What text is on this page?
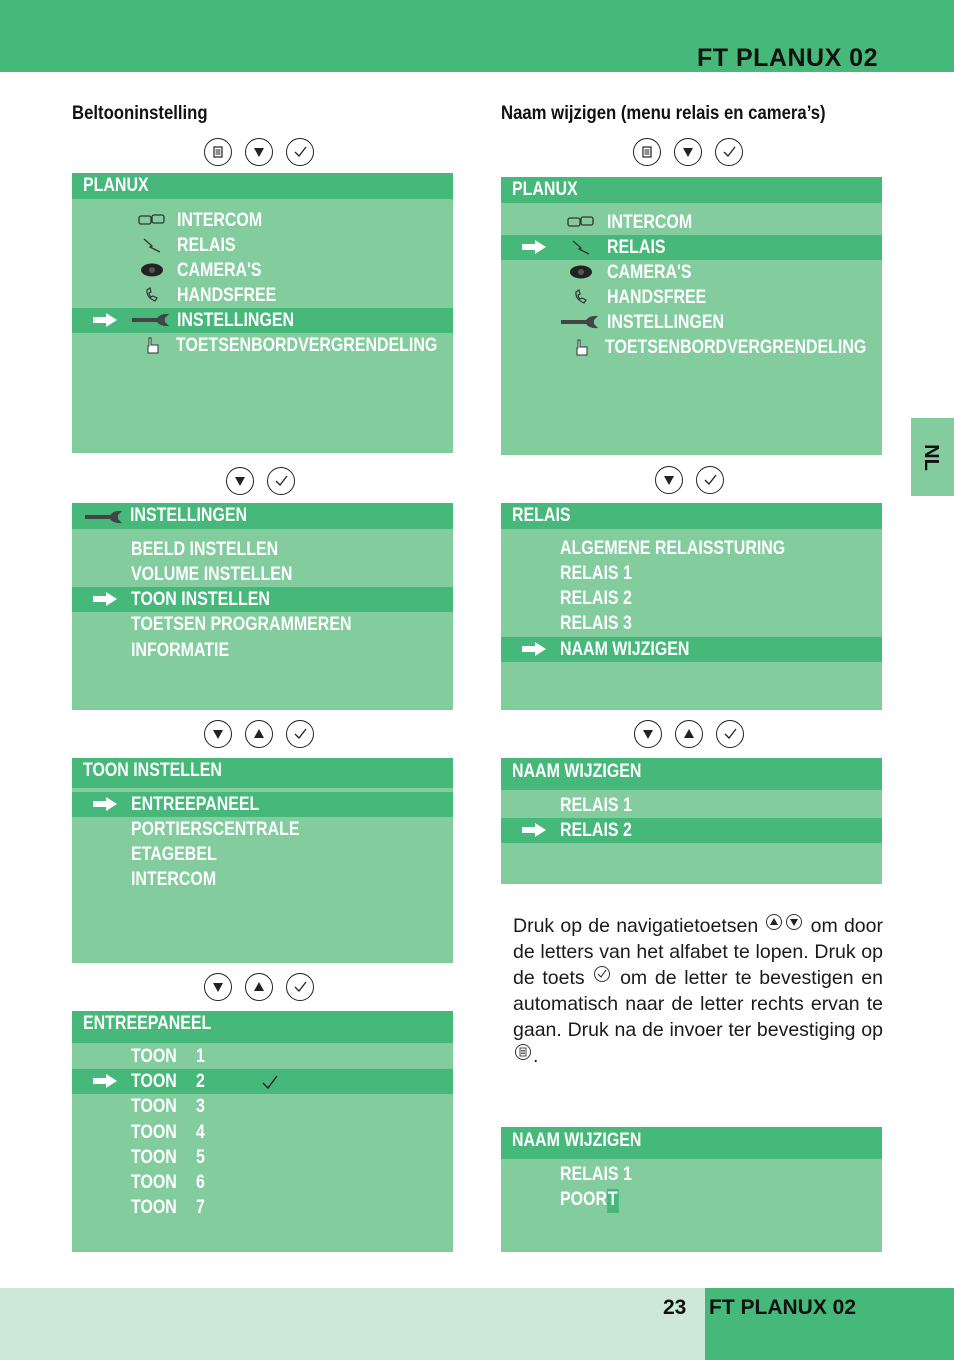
FT PLANUX 02
NL
Beltooninstelling	Naam wijzigen (menu relais en camera’s)
PLANUX
INTERCOM
RELAIS
CAMERA'S
HANDSFREE
INSTELLINGEN
TOETSENBORDVERGRENDELING
PLANUX
INTERCOM
RELAIS
CAMERA'S
HANDSFREE
INSTELLINGEN
TOETSENBORDVERGRENDELING
INSTELLINGEN
BEELD INSTELLEN
VOLUME INSTELLEN
TOON INSTELLEN
TOETSEN PROGRAMMEREN
INFORMATIE
RELAIS
ALGEMENE RELAISSTURING
RELAIS 1
RELAIS 2
RELAIS 3
NAAM WIJZIGEN
TOON INSTELLEN
ENTREEPANEEL
PORTIERSCENTRALE
ETAGEBEL
INTERCOM
NAAM WIJZIGEN
RELAIS 1
RELAIS 2
ENTREEPANEEL
TOON 1
TOON 2
TOON 3
TOON 4
TOON 5
TOON 6
TOON 7

Druk op de navigatietoetsen	om door de letters van het alfabet te lopen. Druk op de toets om de letter te bevestigen en automatisch naar de letter rechts ervan te gaan. Druk na de invoer ter bevestiging op
.

NAAM WIJZIGEN
RELAIS 1
POORT
23 FT PLANUX 02
